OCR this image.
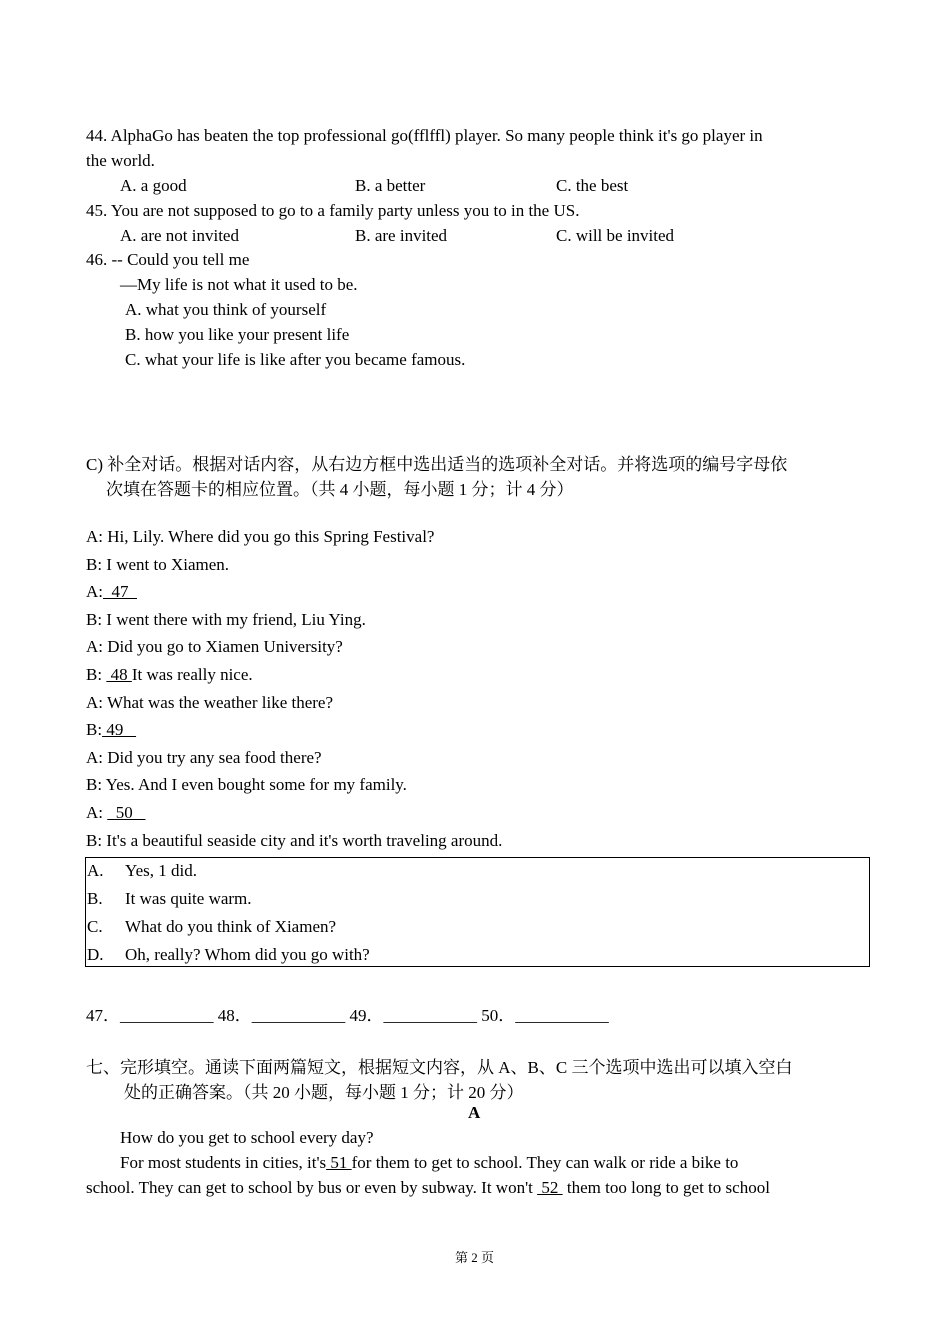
44. AlphaGo has beaten the top professional go(fflffl) player. So many people think it's go player in
the world.
A. a good	B. a better	C. the best
45. You are not supposed to go to a family party unless you to in the US.
A. are not invited	B. are invited	C. will be invited
46. -- Could you tell me
—My life is not what it used to be.
A. what you think of yourself
B. how you like your present life
C. what your life is like after you became famous.
C) 补全对话。根据对话内容，从右边方框中选出适当的选项补全对话。并将选项的编号字母依
次填在答题卡的相应位置。（共 4 小题，每小题 1 分；计 4 分）
A: Hi, Lily. Where did you go this Spring Festival?
B: I went to Xiamen.
A:  47
B: I went there with my friend, Liu Ying.
A: Did you go to Xiamen University?
B:  48 It was really nice.
A: What was the weather like there?
B: 49
A: Did you try any sea food there?
B: Yes. And I even bought some for my family.
A:   50
B: It's a beautiful seaside city and it's worth traveling around.
A. Yes, 1 did.
B. It was quite warm.
C. What do you think of Xiamen?
D. Oh, really? Whom did you go with?
47．___________ 48．___________ 49．___________ 50．___________
七、完形填空。通读下面两篇短文，根据短文内容，从 A、B、C 三个选项中选出可以填入空白
处的正确答案。（共 20 小题，每小题 1 分；计 20 分）
A
How do you get to school every day?
For most students in cities, it's 51 for them to get to school. They can walk or ride a bike to
school. They can get to school by bus or even by subway. It won't  52  them too long to get to school
第 2 页
